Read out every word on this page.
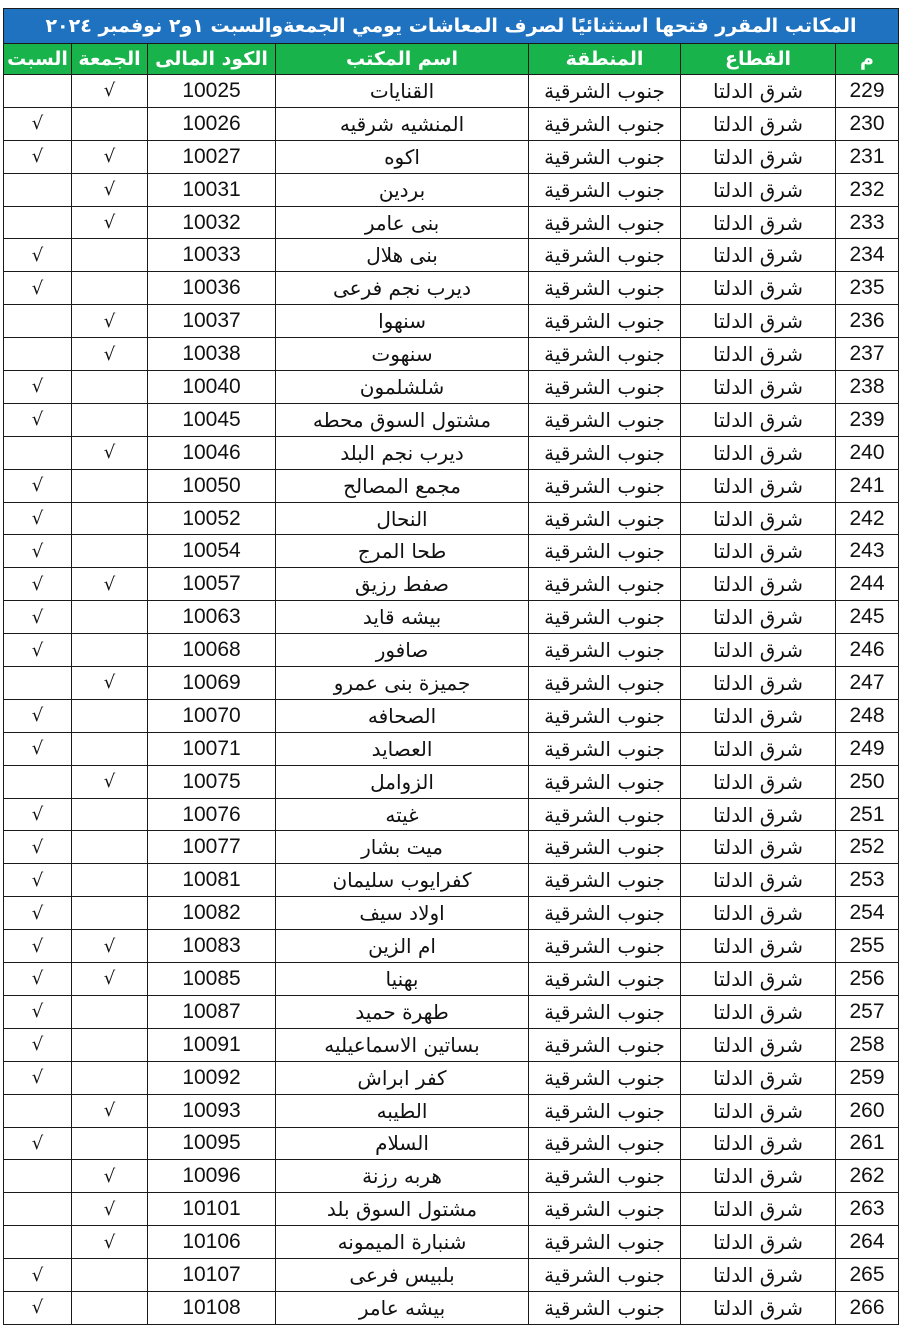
المكاتب المقرر فتحها استثنائيًا لصرف المعاشات يومي الجمعةوالسبت ١و٢ نوفمبر ٢٠٢٤						
م	القطاع	المنطقة	اسم المكتب	الكود المالى	الجمعة	السبت
229	شرق الدلتا	جنوب الشرقية	القنايات	10025	√	
230	شرق الدلتا	جنوب الشرقية	المنشيه شرقيه	10026		√
231	شرق الدلتا	جنوب الشرقية	اكوه	10027	√	√
232	شرق الدلتا	جنوب الشرقية	بردين	10031	√	
233	شرق الدلتا	جنوب الشرقية	بنى عامر	10032	√	
234	شرق الدلتا	جنوب الشرقية	بنى هلال	10033		√
235	شرق الدلتا	جنوب الشرقية	ديرب نجم فرعى	10036		√
236	شرق الدلتا	جنوب الشرقية	سنهوا	10037	√	
237	شرق الدلتا	جنوب الشرقية	سنهوت	10038	√	
238	شرق الدلتا	جنوب الشرقية	شلشلمون	10040		√
239	شرق الدلتا	جنوب الشرقية	مشتول السوق محطه	10045		√
240	شرق الدلتا	جنوب الشرقية	ديرب نجم البلد	10046	√	
241	شرق الدلتا	جنوب الشرقية	مجمع المصالح	10050		√
242	شرق الدلتا	جنوب الشرقية	النحال	10052		√
243	شرق الدلتا	جنوب الشرقية	طحا المرج	10054		√
244	شرق الدلتا	جنوب الشرقية	صفط رزيق	10057	√	√
245	شرق الدلتا	جنوب الشرقية	بيشه قايد	10063		√
246	شرق الدلتا	جنوب الشرقية	صافور	10068		√
247	شرق الدلتا	جنوب الشرقية	جميزة بنى عمرو	10069	√	
248	شرق الدلتا	جنوب الشرقية	الصحافه	10070		√
249	شرق الدلتا	جنوب الشرقية	العصايد	10071		√
250	شرق الدلتا	جنوب الشرقية	الزوامل	10075	√	
251	شرق الدلتا	جنوب الشرقية	غيته	10076		√
252	شرق الدلتا	جنوب الشرقية	ميت بشار	10077		√
253	شرق الدلتا	جنوب الشرقية	كفرايوب سليمان	10081		√
254	شرق الدلتا	جنوب الشرقية	اولاد سيف	10082		√
255	شرق الدلتا	جنوب الشرقية	ام الزين	10083	√	√
256	شرق الدلتا	جنوب الشرقية	بهنيا	10085	√	√
257	شرق الدلتا	جنوب الشرقية	طهرة حميد	10087		√
258	شرق الدلتا	جنوب الشرقية	بساتين الاسماعيليه	10091		√
259	شرق الدلتا	جنوب الشرقية	كفر ابراش	10092		√
260	شرق الدلتا	جنوب الشرقية	الطيبه	10093	√	
261	شرق الدلتا	جنوب الشرقية	السلام	10095		√
262	شرق الدلتا	جنوب الشرقية	هربه رزنة	10096	√	
263	شرق الدلتا	جنوب الشرقية	مشتول السوق بلد	10101	√	
264	شرق الدلتا	جنوب الشرقية	شنبارة الميمونه	10106	√	
265	شرق الدلتا	جنوب الشرقية	بلبيس فرعى	10107		√
266	شرق الدلتا	جنوب الشرقية	بيشه عامر	10108		√
